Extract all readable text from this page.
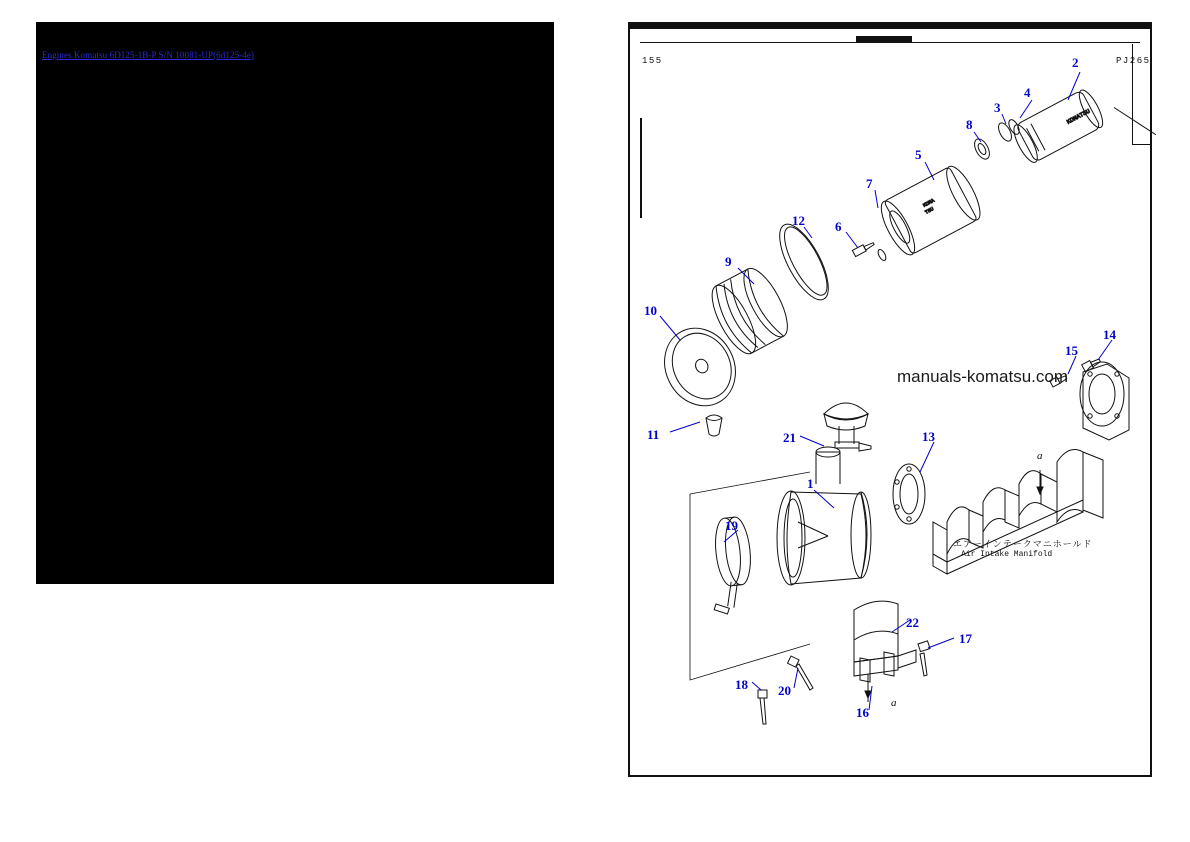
Engines Komatsu 6D125-1B-P S/N 10081-UP(6d125-4e)
155	PJ265
KOMATSU
KOMA
TSU
manuals-komatsu.com
エアーインテークマニホールド
Air Intake Manifold
a
a
1
2
3
4
5
6
7
8
9
10
11
12
13
14
15
16
17
18
19
20
21
22
